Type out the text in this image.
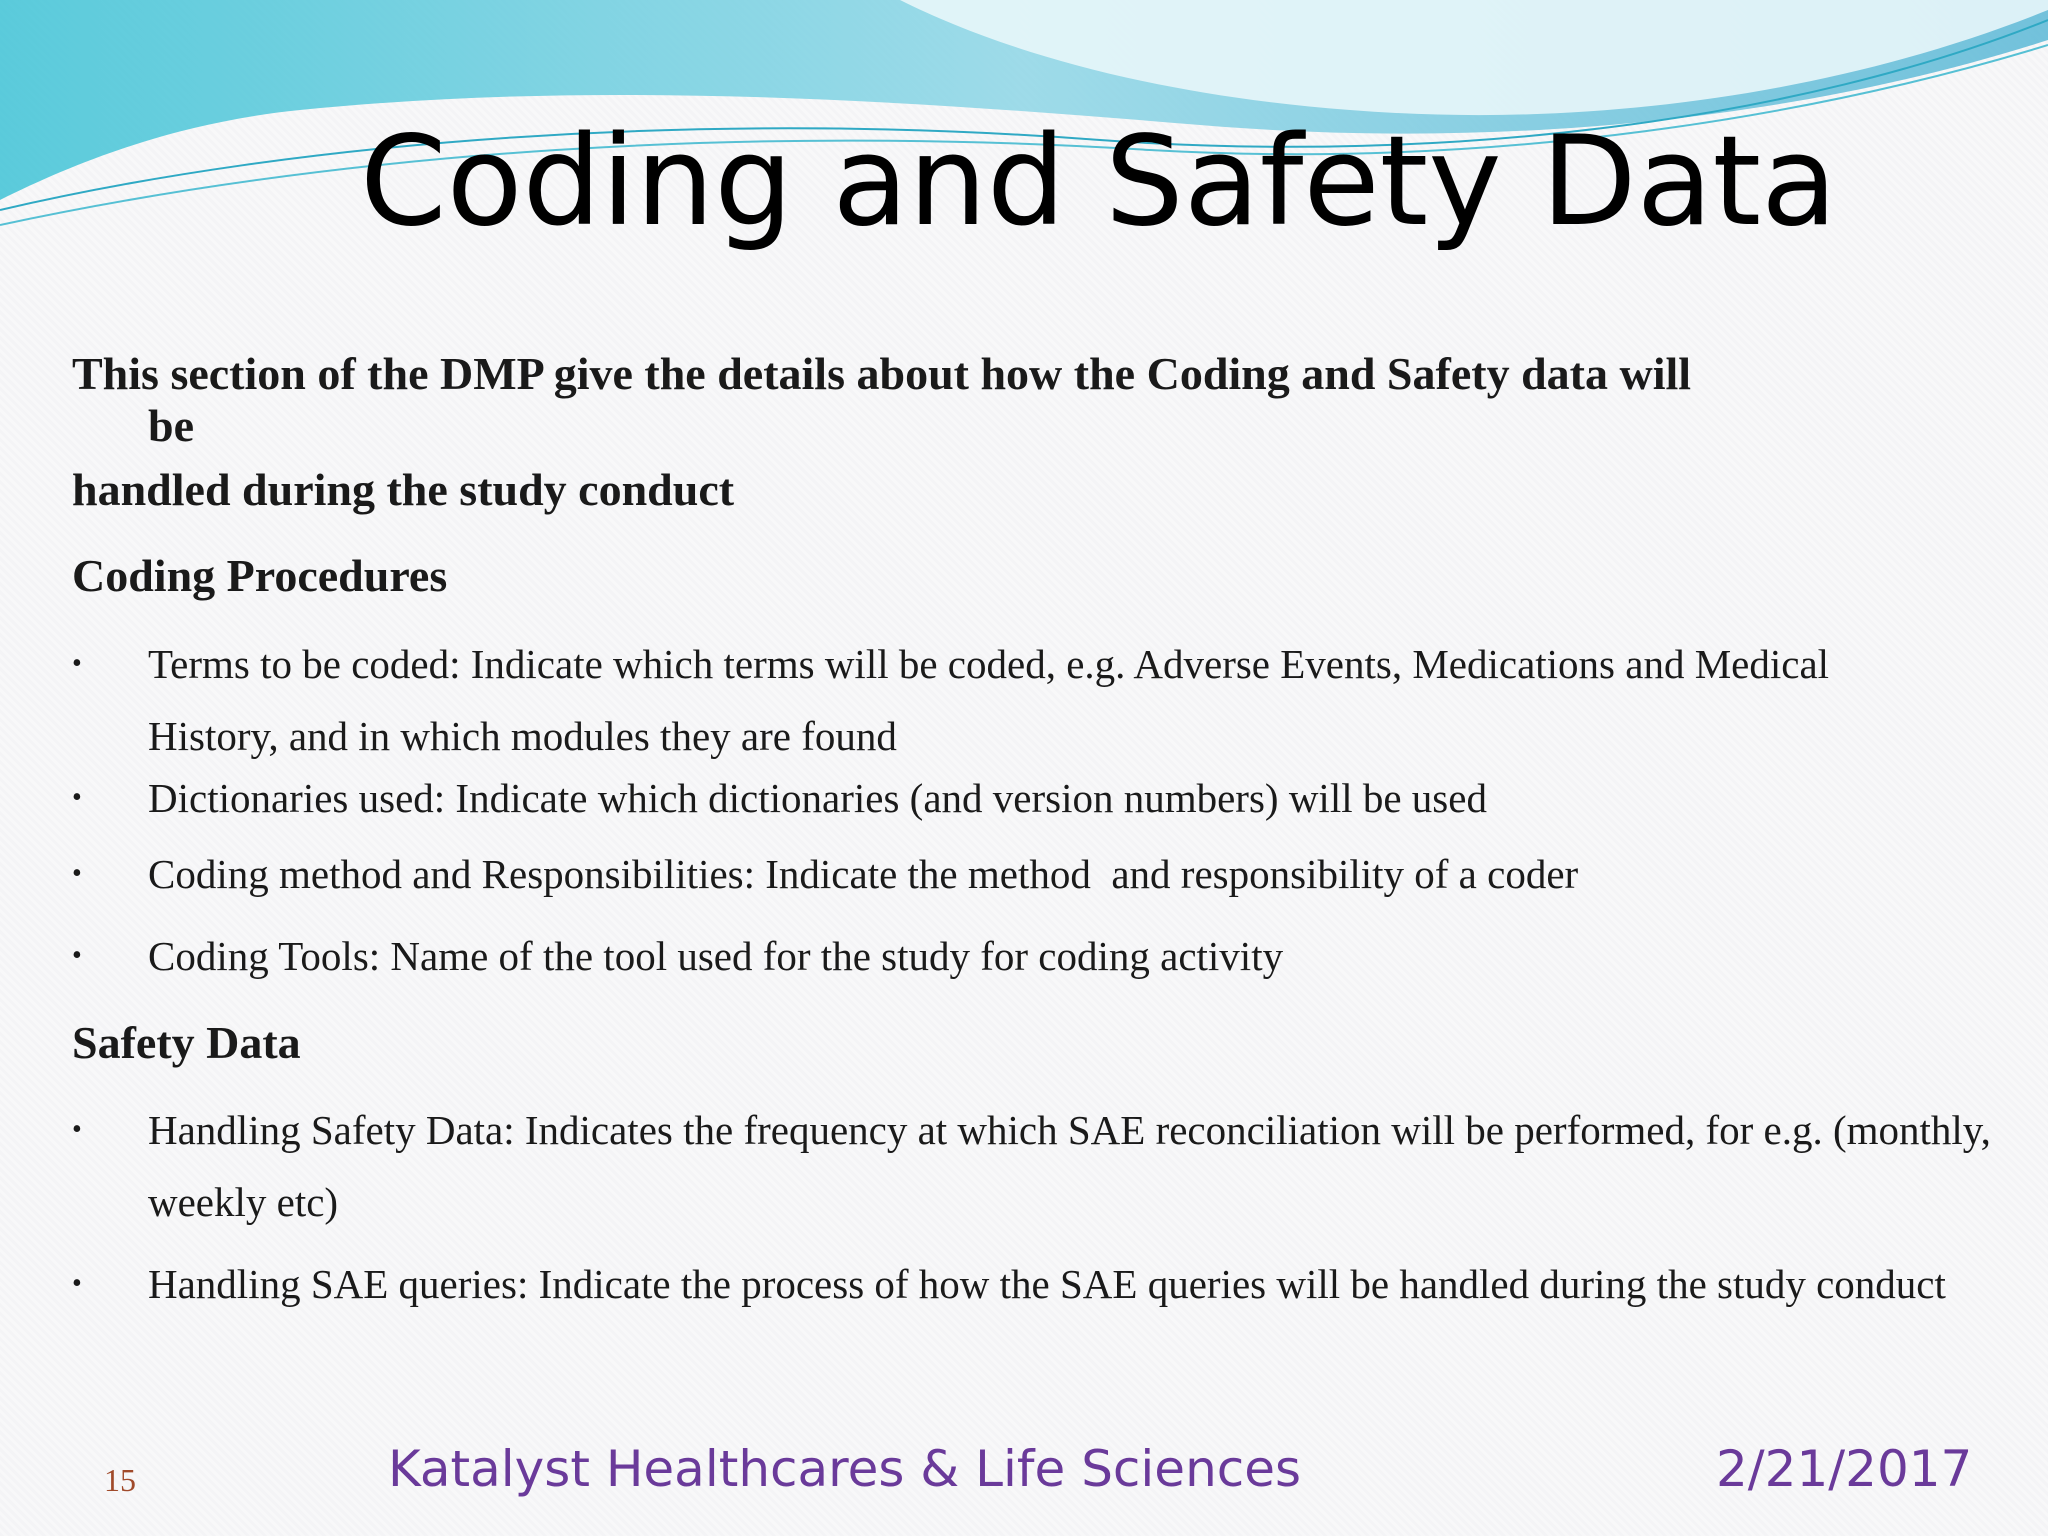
Coding and Safety Data
This section of the DMP give the details about how the Coding and Safety data will
be
handled during the study conduct
Coding Procedures
• Terms to be coded: Indicate which terms will be coded, e.g. Adverse Events, Medications and Medical History, and in which modules they are found
• Dictionaries used: Indicate which dictionaries (and version numbers) will be used
• Coding method and Responsibilities: Indicate the method  and responsibility of a coder
• Coding Tools: Name of the tool used for the study for coding activity
Safety Data
• Handling Safety Data: Indicates the frequency at which SAE reconciliation will be performed, for e.g. (monthly, weekly etc)
• Handling SAE queries: Indicate the process of how the SAE queries will be handled during the study conduct
15	Katalyst Healthcares & Life Sciences	2/21/2017
